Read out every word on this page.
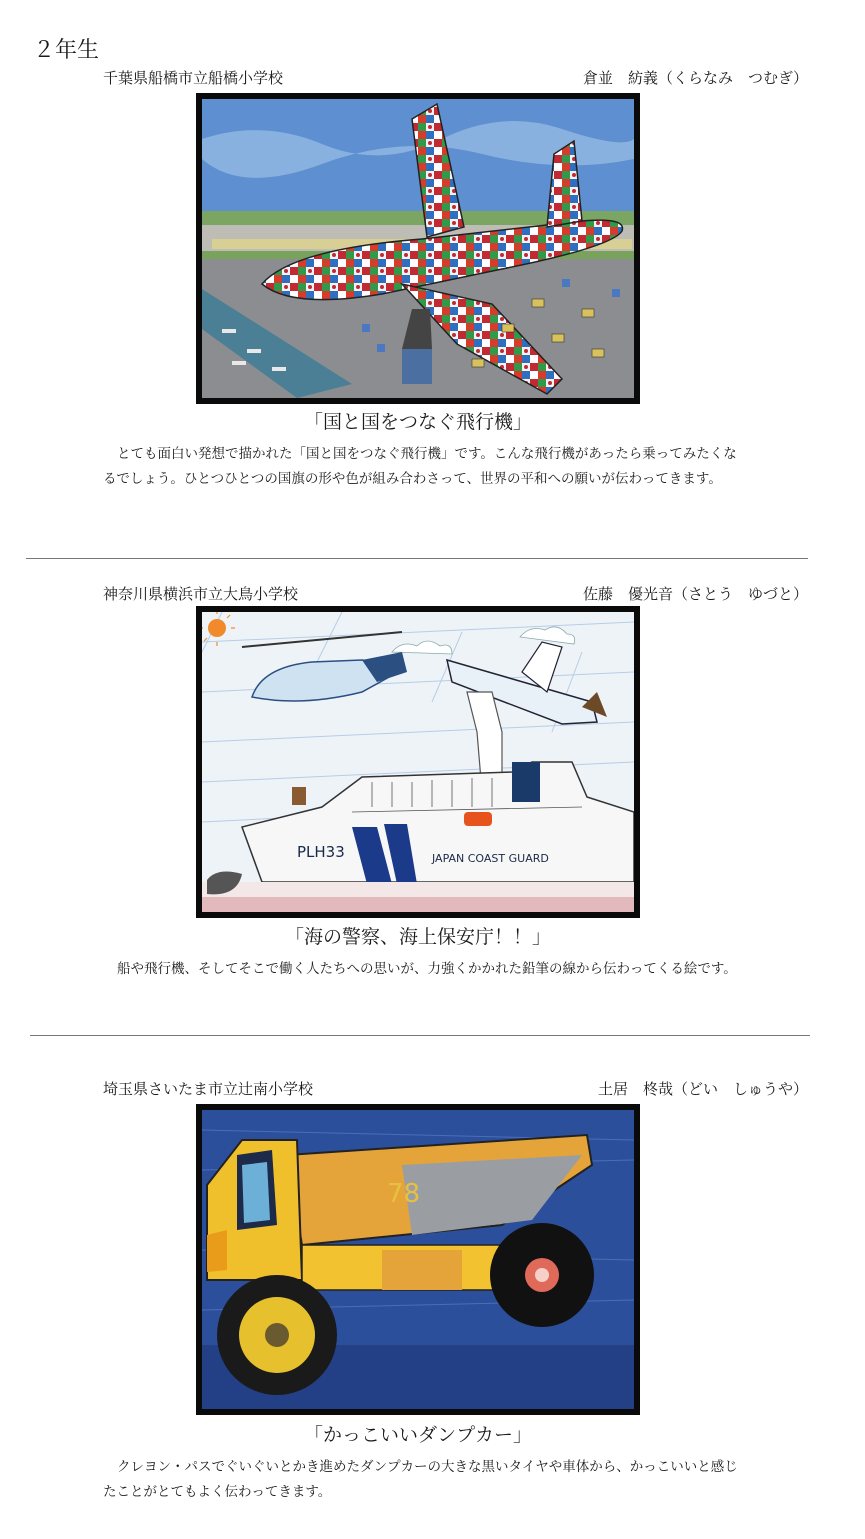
２年生
千葉県船橋市立船橋小学校	倉並　紡義（くらなみ　つむぎ）
「国と国をつなぐ飛行機」
とても面白い発想で描かれた「国と国をつなぐ飛行機」です。こんな飛行機があったら乗ってみたくなるでしょう。ひとつひとつの国旗の形や色が組み合わさって、世界の平和への願いが伝わってきます。
神奈川県横浜市立大鳥小学校	佐藤　優光音（さとう　ゆづと）
PLH33	JAPAN COAST GUARD
「海の警察、海上保安庁！！」
船や飛行機、そしてそこで働く人たちへの思いが、力強くかかれた鉛筆の線から伝わってくる絵です。
埼玉県さいたま市立辻南小学校	土居　柊哉（どい　しゅうや）
78
「かっこいいダンプカー」
クレヨン・パスでぐいぐいとかき進めたダンプカーの大きな黒いタイヤや車体から、かっこいいと感じたことがとてもよく伝わってきます。
